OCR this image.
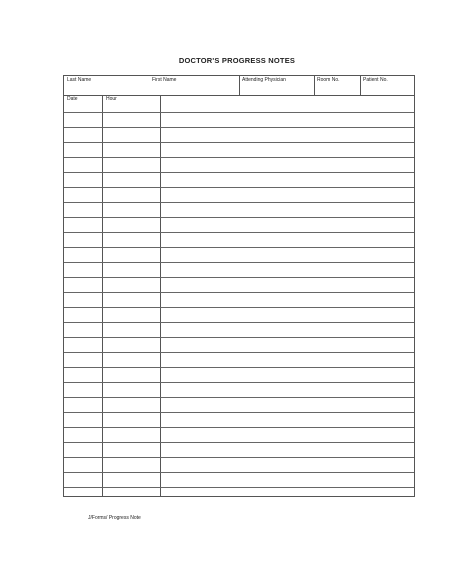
DOCTOR'S PROGRESS NOTES
Last Name	First Name	Attending Physician	Room No.	Patient No.
Date	Hour
J/Forms/ Progress Note
